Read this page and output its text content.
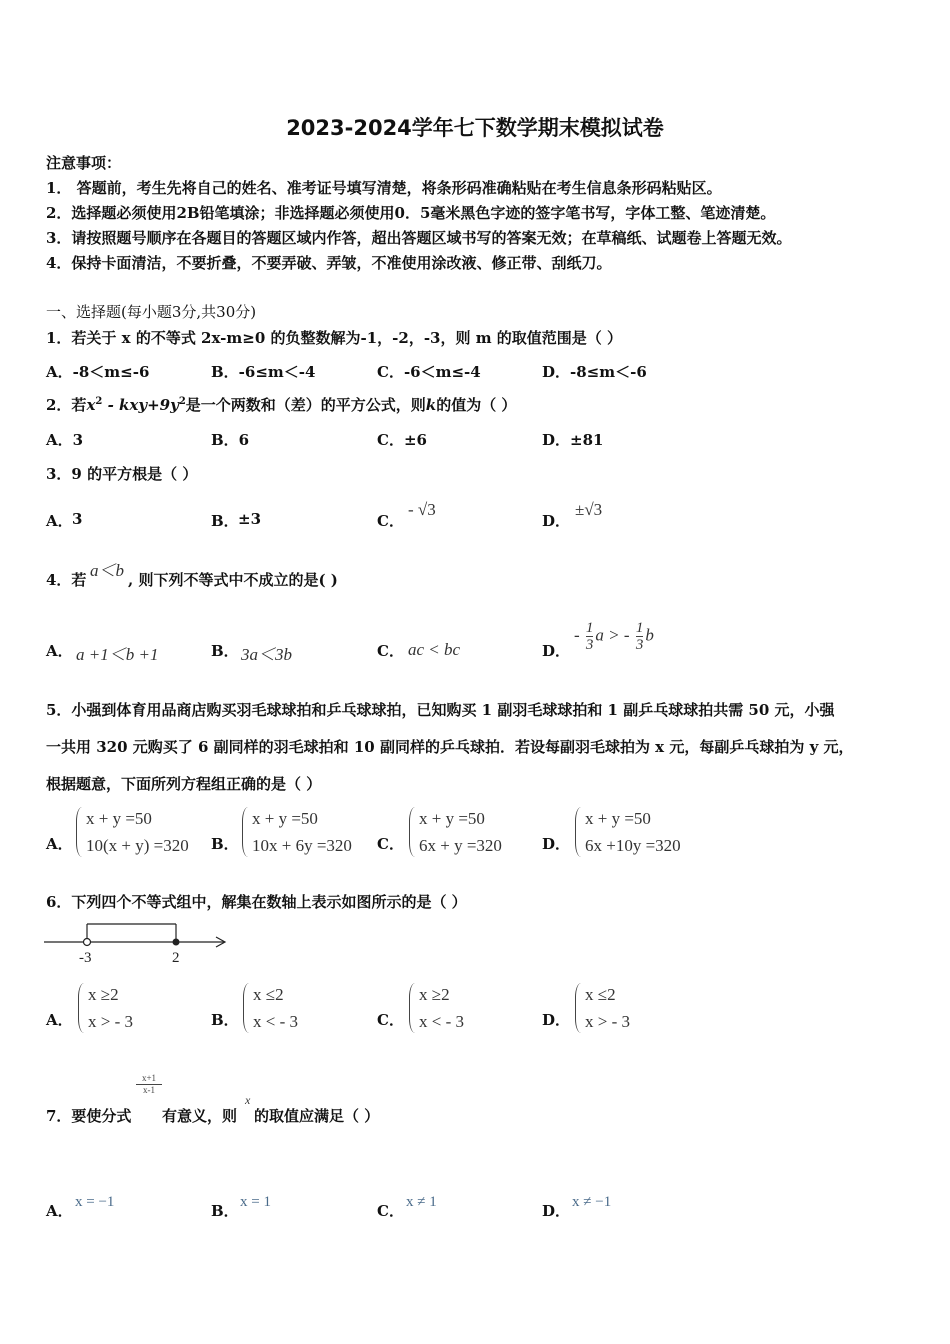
2023-2024学年七下数学期末模拟试卷
注意事项：
1． 答题前，考生先将自己的姓名、准考证号填写清楚，将条形码准确粘贴在考生信息条形码粘贴区。
2．选择题必须使用2B铅笔填涂；非选择题必须使用0．5毫米黑色字迹的签字笔书写，字体工整、笔迹清楚。
3．请按照题号顺序在各题目的答题区域内作答，超出答题区域书写的答案无效；在草稿纸、试题卷上答题无效。
4．保持卡面清洁，不要折叠，不要弄破、弄皱，不准使用涂改液、修正带、刮纸刀。
一、选择题(每小题3分,共30分)
1．若关于 x 的不等式 2x-m≥0 的负整数解为-1，-2，-3，则 m 的取值范围是（ ）
A．-8＜m≤-6	B．-6≤m＜-4	C．-6＜m≤-4	D．-8≤m＜-6
2．若$x^2 - kxy+9y^2$是一个两数和（差）的平方公式，则k的值为（ ）
A．3	B．6	C．±6	D．±81
3．9 的平方根是（ ）
A． 3	B． ±3	C．
- √3
D．
±√3
4．若 a＜b , 则下列不等式中不成立的是( )
A． a +1＜b +1	B． 3a＜3b	C． ac < bc	D．
- $\frac{1}{3}$ a > - $\frac{1}{3}$ b
5．小强到体育用品商店购买羽毛球球拍和乒乓球球拍，已知购买 1 副羽毛球球拍和 1 副乒乓球球拍共需 50 元，小强
一共用 320 元购买了 6 副同样的羽毛球拍和 10 副同样的乒乓球拍．若设每副羽毛球拍为 x 元，每副乒乓球拍为 y 元，
根据题意，下面所列方程组正确的是（ ）
A．
x + y =50
10(x + y) =320 B．
x + y =50
10x + 6y =320 C．
x + y =50
6x + y =320	D．
x + y =50
6x +10y =320
6．下列四个不等式组中，解集在数轴上表示如图所示的是（ ）
-3	2
A．
x ≥2
x > - 3	B．
x ≤2
x < - 3	C．
x ≥2
x < - 3	D．
x ≤2
x > - 3
7．要使分式
x+1
x-1
有意义，则
x
的取值应满足（ ）
A． x = −1	B． x = 1	C． x ≠ 1	D． x ≠ −1
